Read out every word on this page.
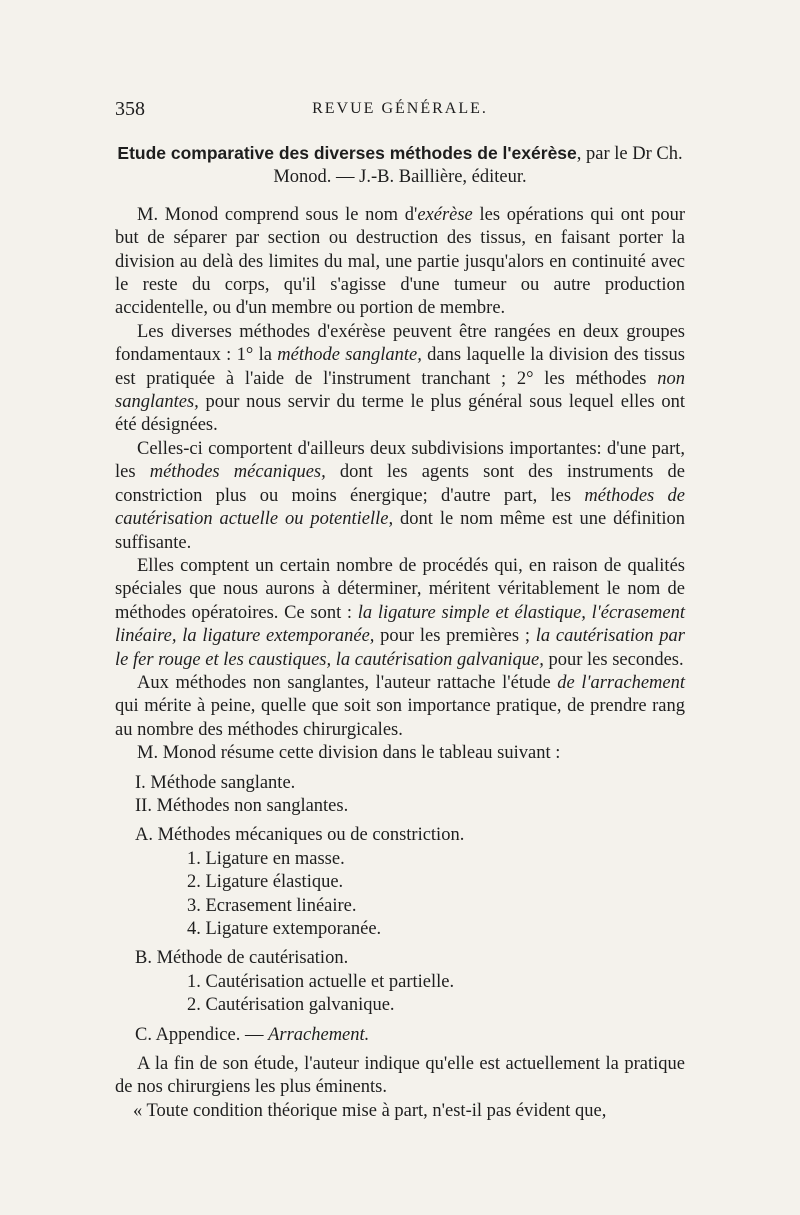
358	REVUE GÉNÉRALE.
Etude comparative des diverses méthodes de l'exérèse, par le Dr Ch.
Monod. — J.-B. Baillière, éditeur.

M. Monod comprend sous le nom d'exérèse les opérations qui ont pour but de séparer par section ou destruction des tissus, en faisant porter la division au delà des limites du mal, une partie jusqu'alors en continuité avec le reste du corps, qu'il s'agisse d'une tumeur ou autre production accidentelle, ou d'un membre ou portion de membre.

Les diverses méthodes d'exérèse peuvent être rangées en deux groupes fondamentaux : 1° la méthode sanglante, dans laquelle la division des tissus est pratiquée à l'aide de l'instrument tranchant ; 2° les méthodes non sanglantes, pour nous servir du terme le plus général sous lequel elles ont été désignées.

Celles-ci comportent d'ailleurs deux subdivisions importantes: d'une part, les méthodes mécaniques, dont les agents sont des instruments de constriction plus ou moins énergique; d'autre part, les méthodes de cautérisation actuelle ou potentielle, dont le nom même est une définition suffisante.

Elles comptent un certain nombre de procédés qui, en raison de qualités spéciales que nous aurons à déterminer, méritent véritablement le nom de méthodes opératoires. Ce sont : la ligature simple et élastique, l'écrasement linéaire, la ligature extemporanée, pour les premières ; la cautérisation par le fer rouge et les caustiques, la cautérisation galvanique, pour les secondes.

Aux méthodes non sanglantes, l'auteur rattache l'étude de l'arrachement qui mérite à peine, quelle que soit son importance pratique, de prendre rang au nombre des méthodes chirurgicales.

M. Monod résume cette division dans le tableau suivant :

I. Méthode sanglante.
II. Méthodes non sanglantes.
A. Méthodes mécaniques ou de constriction.
1. Ligature en masse.
2. Ligature élastique.
3. Ecrasement linéaire.
4. Ligature extemporanée.
B. Méthode de cautérisation.
1. Cautérisation actuelle et partielle.
2. Cautérisation galvanique.
C. Appendice. — Arrachement.

A la fin de son étude, l'auteur indique qu'elle est actuellement la pratique de nos chirurgiens les plus éminents.

« Toute condition théorique mise à part, n'est-il pas évident que,
